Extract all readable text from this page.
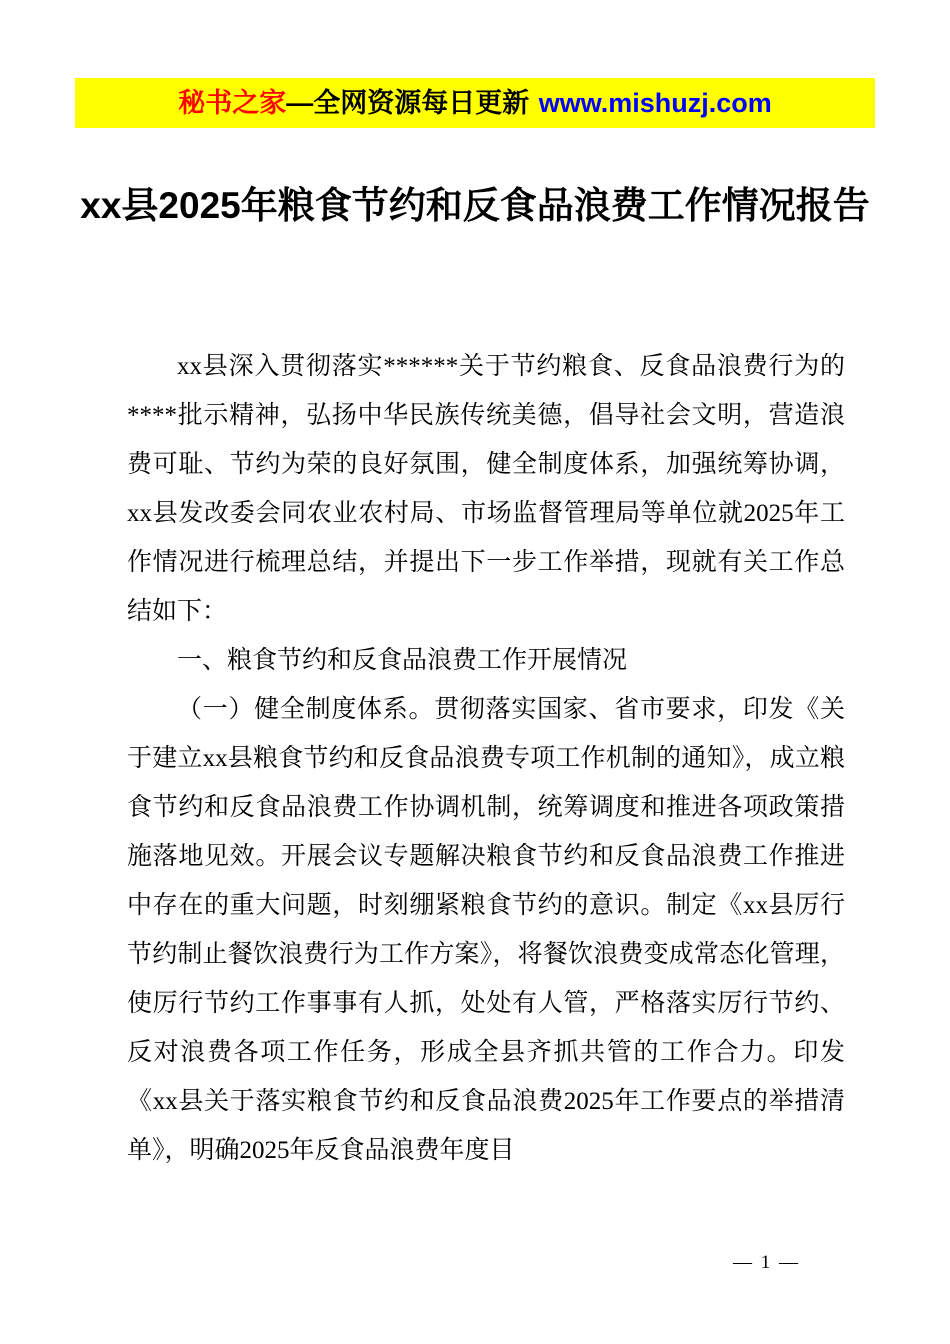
秘书之家—全网资源每日更新 www.mishuzj.com
xx县2025年粮食节约和反食品浪费工作情况报告

xx县深入贯彻落实******关于节约粮食、反食品浪费行为的****批示精神，弘扬中华民族传统美德，倡导社会文明，营造浪费可耻、节约为荣的良好氛围，健全制度体系，加强统筹协调，xx县发改委会同农业农村局、市场监督管理局等单位就2025年工作情况进行梳理总结，并提出下一步工作举措，现就有关工作总结如下：

一、粮食节约和反食品浪费工作开展情况

（一）健全制度体系。贯彻落实国家、省市要求，印发《关于建立xx县粮食节约和反食品浪费专项工作机制的通知》，成立粮食节约和反食品浪费工作协调机制，统筹调度和推进各项政策措施落地见效。开展会议专题解决粮食节约和反食品浪费工作推进中存在的重大问题，时刻绷紧粮食节约的意识。制定《xx县厉行节约制止餐饮浪费行为工作方案》，将餐饮浪费变成常态化管理，使厉行节约工作事事有人抓，处处有人管，严格落实厉行节约、反对浪费各项工作任务，形成全县齐抓共管的工作合力。印发《xx县关于落实粮食节约和反食品浪费2025年工作要点的举措清单》，明确2025年反食品浪费年度目

— 1 —
